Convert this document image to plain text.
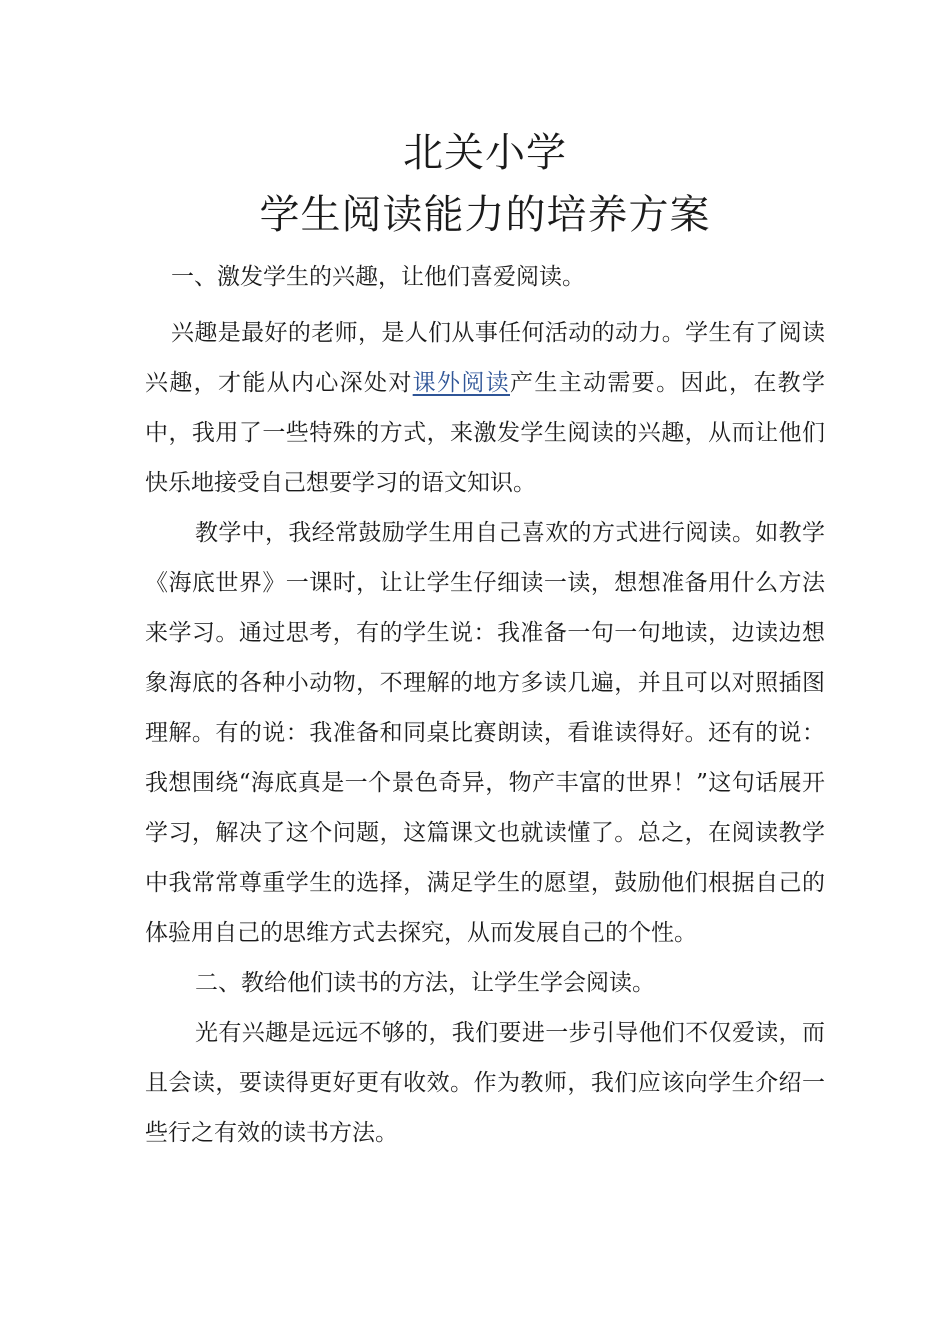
北关小学
学生阅读能力的培养方案

一、激发学生的兴趣，让他们喜爱阅读。

兴趣是最好的老师，是人们从事任何活动的动力。学生有了阅读兴趣，才能从内心深处对课外阅读产生主动需要。因此，在教学中，我用了一些特殊的方式，来激发学生阅读的兴趣，从而让他们快乐地接受自己想要学习的语文知识。

教学中，我经常鼓励学生用自己喜欢的方式进行阅读。如教学《海底世界》一课时，让让学生仔细读一读，想想准备用什么方法来学习。通过思考，有的学生说：我准备一句一句地读，边读边想象海底的各种小动物，不理解的地方多读几遍，并且可以对照插图理解。有的说：我准备和同桌比赛朗读，看谁读得好。还有的说：我想围绕“海底真是一个景色奇异，物产丰富的世界！”这句话展开学习，解决了这个问题，这篇课文也就读懂了。总之，在阅读教学中我常常尊重学生的选择，满足学生的愿望，鼓励他们根据自己的体验用自己的思维方式去探究，从而发展自己的个性。

二、教给他们读书的方法，让学生学会阅读。

光有兴趣是远远不够的，我们要进一步引导他们不仅爱读，而且会读，要读得更好更有收效。作为教师，我们应该向学生介绍一些行之有效的读书方法。
